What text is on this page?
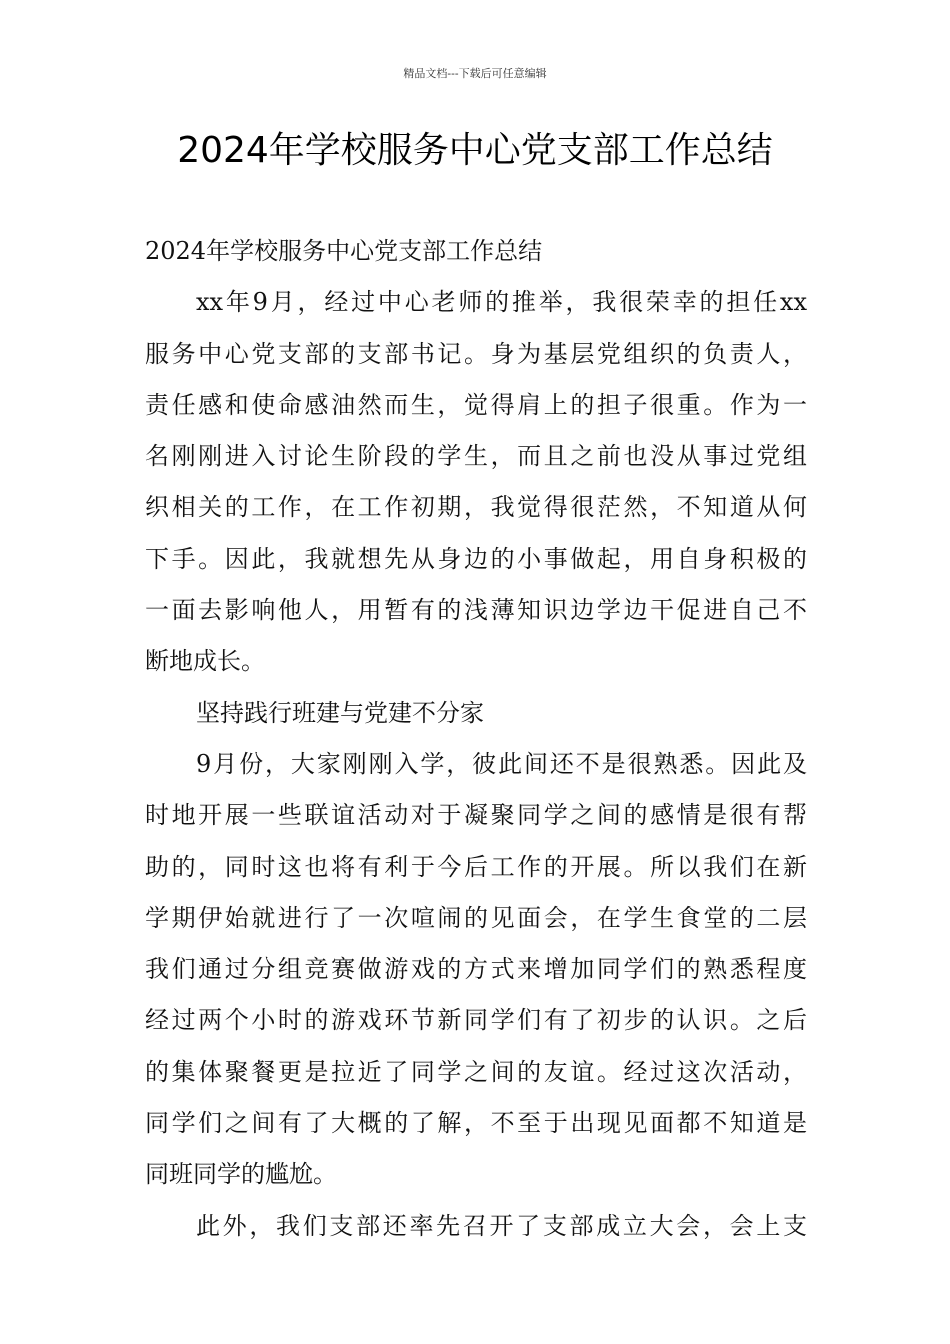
精品文档---下载后可任意编辑
2024年学校服务中心党支部工作总结
2024年学校服务中心党支部工作总结
xx年9月，经过中心老师的推举，我很荣幸的担任xx
服务中心党支部的支部书记。身为基层党组织的负责人，
责任感和使命感油然而生，觉得肩上的担子很重。作为一
名刚刚进入讨论生阶段的学生，而且之前也没从事过党组
织相关的工作，在工作初期，我觉得很茫然，不知道从何
下手。因此，我就想先从身边的小事做起，用自身积极的
一面去影响他人，用暂有的浅薄知识边学边干促进自己不
断地成长。
坚持践行班建与党建不分家
9月份，大家刚刚入学，彼此间还不是很熟悉。因此及
时地开展一些联谊活动对于凝聚同学之间的感情是很有帮
助的，同时这也将有利于今后工作的开展。所以我们在新
学期伊始就进行了一次喧闹的见面会，在学生食堂的二层
我们通过分组竞赛做游戏的方式来增加同学们的熟悉程度
经过两个小时的游戏环节新同学们有了初步的认识。之后
的集体聚餐更是拉近了同学之间的友谊。经过这次活动，
同学们之间有了大概的了解，不至于出现见面都不知道是
同班同学的尴尬。
此外，我们支部还率先召开了支部成立大会，会上支
